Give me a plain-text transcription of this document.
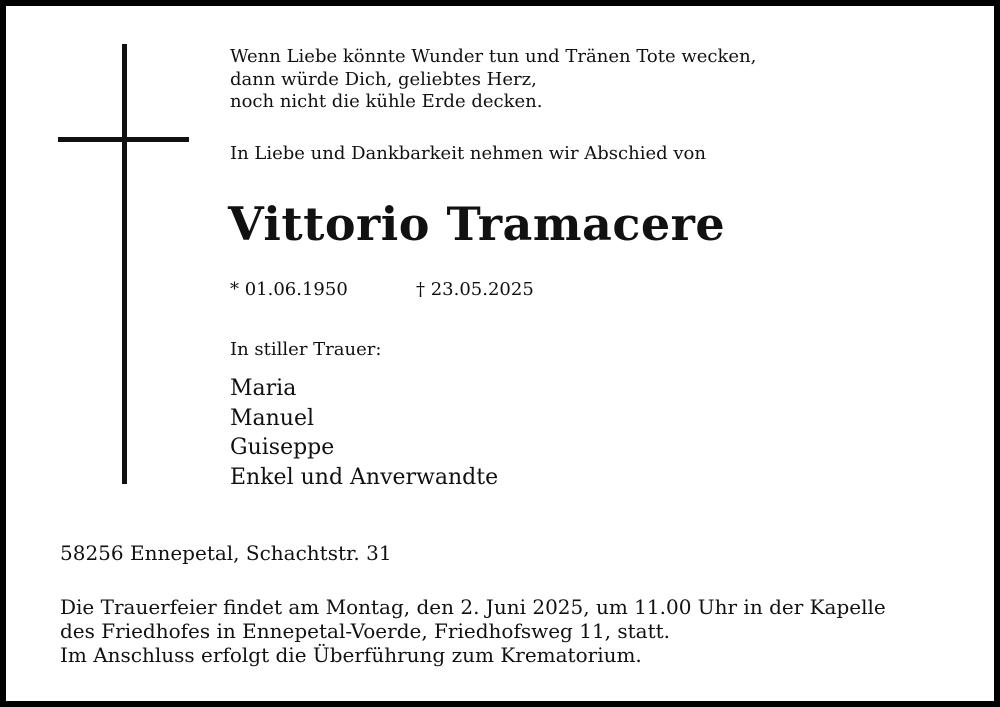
Wenn Liebe könnte Wunder tun und Tränen Tote wecken,
dann würde Dich, geliebtes Herz,
noch nicht die kühle Erde decken.
In Liebe und Dankbarkeit nehmen wir Abschied von
Vittorio Tramacere
* 01.06.1950	† 23.05.2025
In stiller Trauer:
Maria
Manuel
Guiseppe
Enkel und Anverwandte
58256 Ennepetal, Schachtstr. 31
Die Trauerfeier findet am Montag, den 2. Juni 2025, um 11.00 Uhr in der Kapelle
des Friedhofes in Ennepetal-Voerde, Friedhofsweg 11, statt.
Im Anschluss erfolgt die Überführung zum Krematorium.
